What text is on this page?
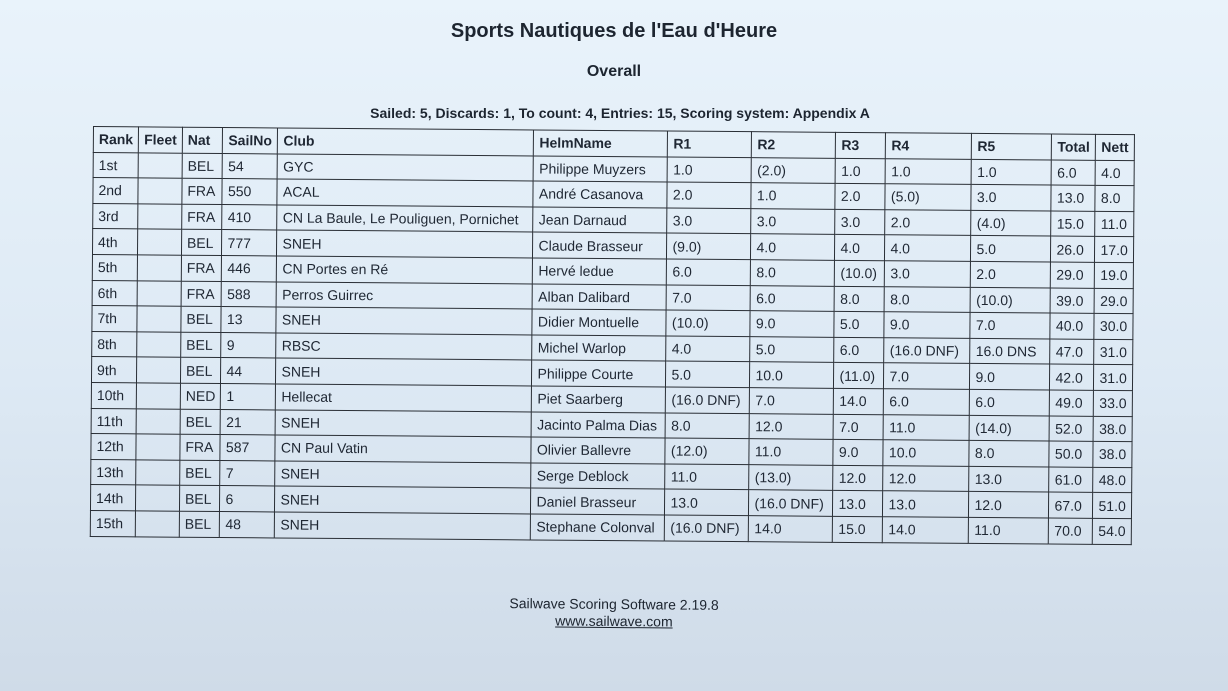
Sports Nautiques de l'Eau d'Heure
Overall
Sailed: 5, Discards: 1, To count: 4, Entries: 15, Scoring system: Appendix A
Rank	Fleet	Nat	SailNo	Club	HelmName	R1	R2	R3	R4	R5	Total	Nett
1st		BEL	54	GYC	Philippe Muyzers	1.0	(2.0)	1.0	1.0	1.0	6.0	4.0
2nd		FRA	550	ACAL	André Casanova	2.0	1.0	2.0	(5.0)	3.0	13.0	8.0
3rd		FRA	410	CN La Baule, Le Pouliguen, Pornichet	Jean Darnaud	3.0	3.0	3.0	2.0	(4.0)	15.0	11.0
4th		BEL	777	SNEH	Claude Brasseur	(9.0)	4.0	4.0	4.0	5.0	26.0	17.0
5th		FRA	446	CN Portes en Ré	Hervé ledue	6.0	8.0	(10.0)	3.0	2.0	29.0	19.0
6th		FRA	588	Perros Guirrec	Alban Dalibard	7.0	6.0	8.0	8.0	(10.0)	39.0	29.0
7th		BEL	13	SNEH	Didier Montuelle	(10.0)	9.0	5.0	9.0	7.0	40.0	30.0
8th		BEL	9	RBSC	Michel Warlop	4.0	5.0	6.0	(16.0 DNF)	16.0 DNS	47.0	31.0
9th		BEL	44	SNEH	Philippe Courte	5.0	10.0	(11.0)	7.0	9.0	42.0	31.0
10th		NED	1	Hellecat	Piet Saarberg	(16.0 DNF)	7.0	14.0	6.0	6.0	49.0	33.0
11th		BEL	21	SNEH	Jacinto Palma Dias	8.0	12.0	7.0	11.0	(14.0)	52.0	38.0
12th		FRA	587	CN Paul Vatin	Olivier Ballevre	(12.0)	11.0	9.0	10.0	8.0	50.0	38.0
13th		BEL	7	SNEH	Serge Deblock	11.0	(13.0)	12.0	12.0	13.0	61.0	48.0
14th		BEL	6	SNEH	Daniel Brasseur	13.0	(16.0 DNF)	13.0	13.0	12.0	67.0	51.0
15th		BEL	48	SNEH	Stephane Colonval	(16.0 DNF)	14.0	15.0	14.0	11.0	70.0	54.0
Sailwave Scoring Software 2.19.8
www.sailwave.com
